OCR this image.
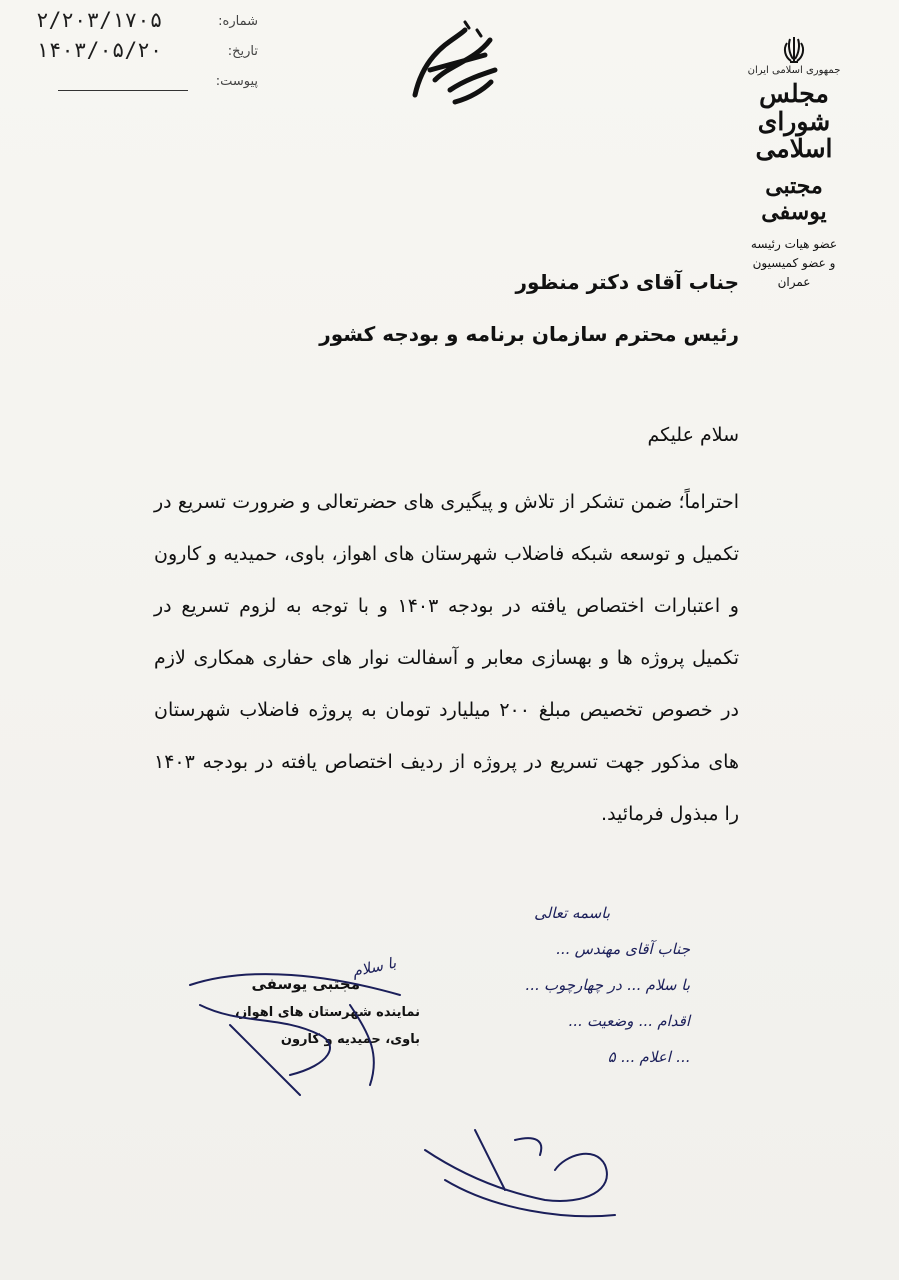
شماره:
۲/۲۰۳/۱۷۰۵
تاریخ:
۱۴۰۳/۰۵/۲۰
پیوست:
جمهوری اسلامی ایران
مجلس شورای اسلامی
مجتبی یوسفی
عضو هیات رئیسه
و عضو کمیسیون عمران
جناب آقای دکتر منظور
رئیس محترم سازمان برنامه و بودجه کشور
سلام علیکم
احتراماً؛ ضمن تشکر از تلاش و پیگیری های حضرتعالی و ضرورت تسریع در تکمیل و توسعه شبکه فاضلاب شهرستان های اهواز، باوی، حمیدیه و کارون و اعتبارات اختصاص یافته در بودجه ۱۴۰۳ و با توجه به لزوم تسریع در تکمیل پروژه ها و بهسازی معابر و آسفالت نوار های حفاری همکاری لازم در خصوص تخصیص مبلغ ۲۰۰ میلیارد تومان به پروژه فاضلاب شهرستان های مذکور جهت تسریع در پروژه از ردیف اختصاص یافته در بودجه ۱۴۰۳ را مبذول فرمائید.
باسمه تعالی
جناب آقای مهندس ...
با سلام ... در چهارچوب ...
اقدام ... وضعیت ...
... اعلام ... ۵
مجتبی یوسفی
نماینده شهرستان های اهواز،
باوی، حمیدیه و کارون
با سلام
